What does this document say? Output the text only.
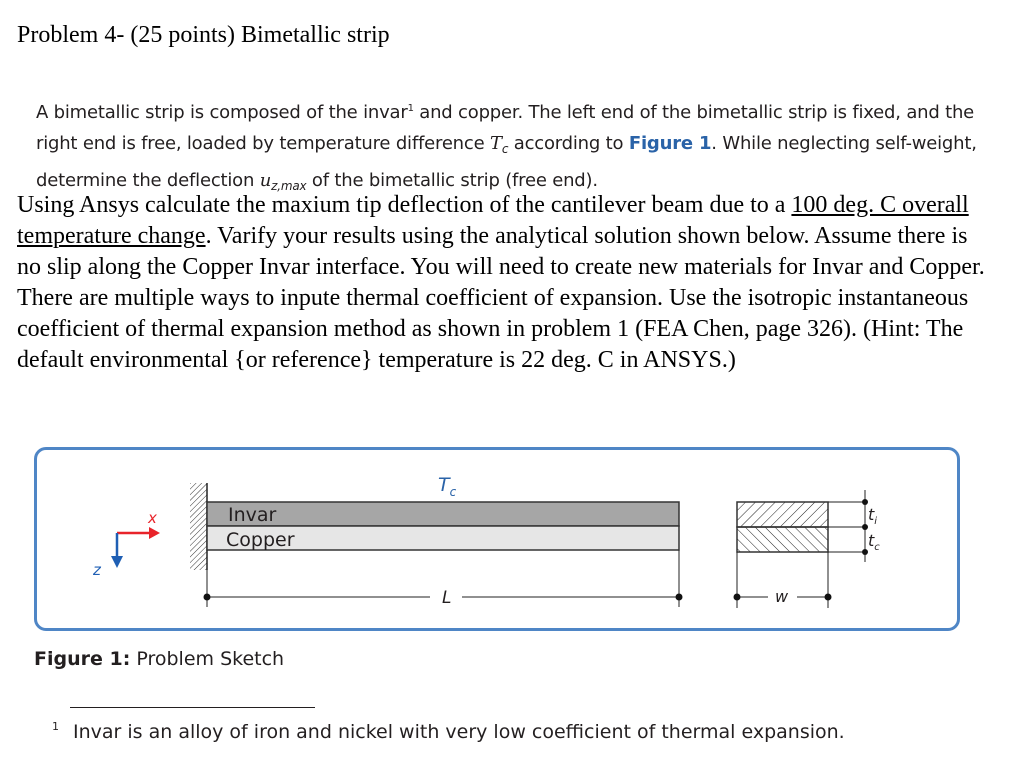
Problem 4- (25 points) Bimetallic strip
A bimetallic strip is composed of the invar$^1$ and copper. The left end of the bimetallic strip is fixed, and the right end is free, loaded by temperature difference $T_c$ according to Figure 1. While neglecting self-weight, determine the deflection $u_{z,max}$ of the bimetallic strip (free end).
Using Ansys calculate the maxium tip deflection of the cantilever beam due to a 100 deg. C overall temperature change. Varify your results using the analytical solution shown below. Assume there is no slip along the Copper Invar interface. You will need to create new materials for Invar and Copper. There are multiple ways to inpute thermal coefficient of expansion. Use the isotropic instantaneous coefficient of thermal expansion method as shown in problem 1 (FEA Chen, page 326). (Hint: The default environmental {or reference} temperature is 22 deg. C in ANSYS.)
x
z
Invar
Copper
$T_c$
L
$t_i$
$t_c$
w
Figure 1: Problem Sketch
$^1$ Invar is an alloy of iron and nickel with very low coefficient of thermal expansion.
